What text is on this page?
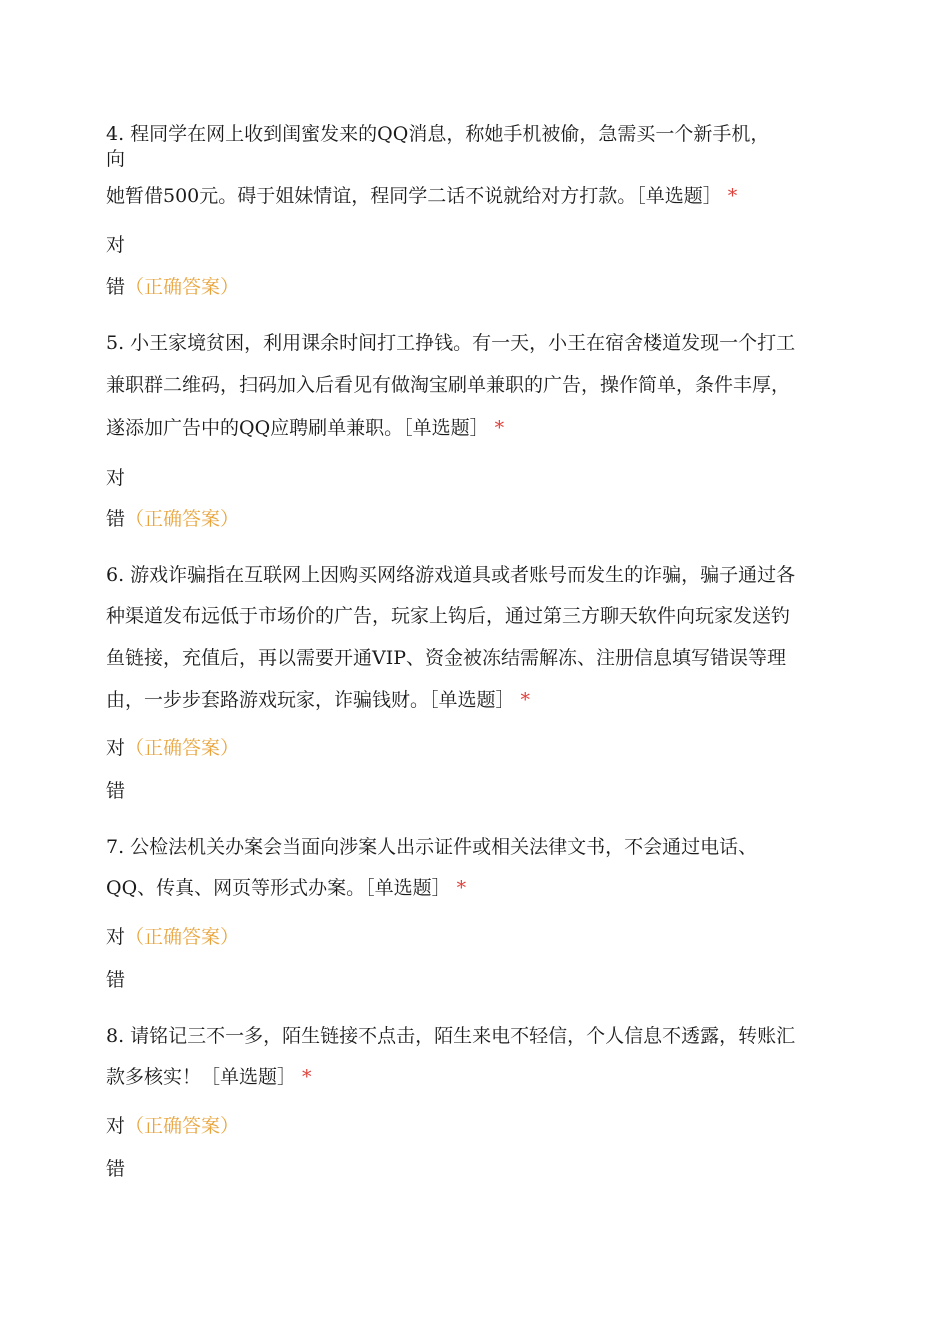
4. 程同学在网上收到闺蜜发来的QQ消息，称她手机被偷，急需买一个新手机，
向
她暂借500元。碍于姐妹情谊，程同学二话不说就给对方打款。［单选题］ *
对
错（正确答案）
5. 小王家境贫困，利用课余时间打工挣钱。有一天，小王在宿舍楼道发现一个打工
兼职群二维码，扫码加入后看见有做淘宝刷单兼职的广告，操作简单，条件丰厚，
遂添加广告中的QQ应聘刷单兼职。［单选题］ *
对
错（正确答案）
6. 游戏诈骗指在互联网上因购买网络游戏道具或者账号而发生的诈骗，骗子通过各
种渠道发布远低于市场价的广告，玩家上钩后，通过第三方聊天软件向玩家发送钓
鱼链接，充值后，再以需要开通VIP、资金被冻结需解冻、注册信息填写错误等理
由，一步步套路游戏玩家，诈骗钱财。［单选题］ *
对（正确答案）
错
7. 公检法机关办案会当面向涉案人出示证件或相关法律文书，不会通过电话、
QQ、传真、网页等形式办案。［单选题］ *
对（正确答案）
错
8. 请铭记三不一多，陌生链接不点击，陌生来电不轻信，个人信息不透露，转账汇
款多核实！［单选题］ *
对（正确答案）
错
